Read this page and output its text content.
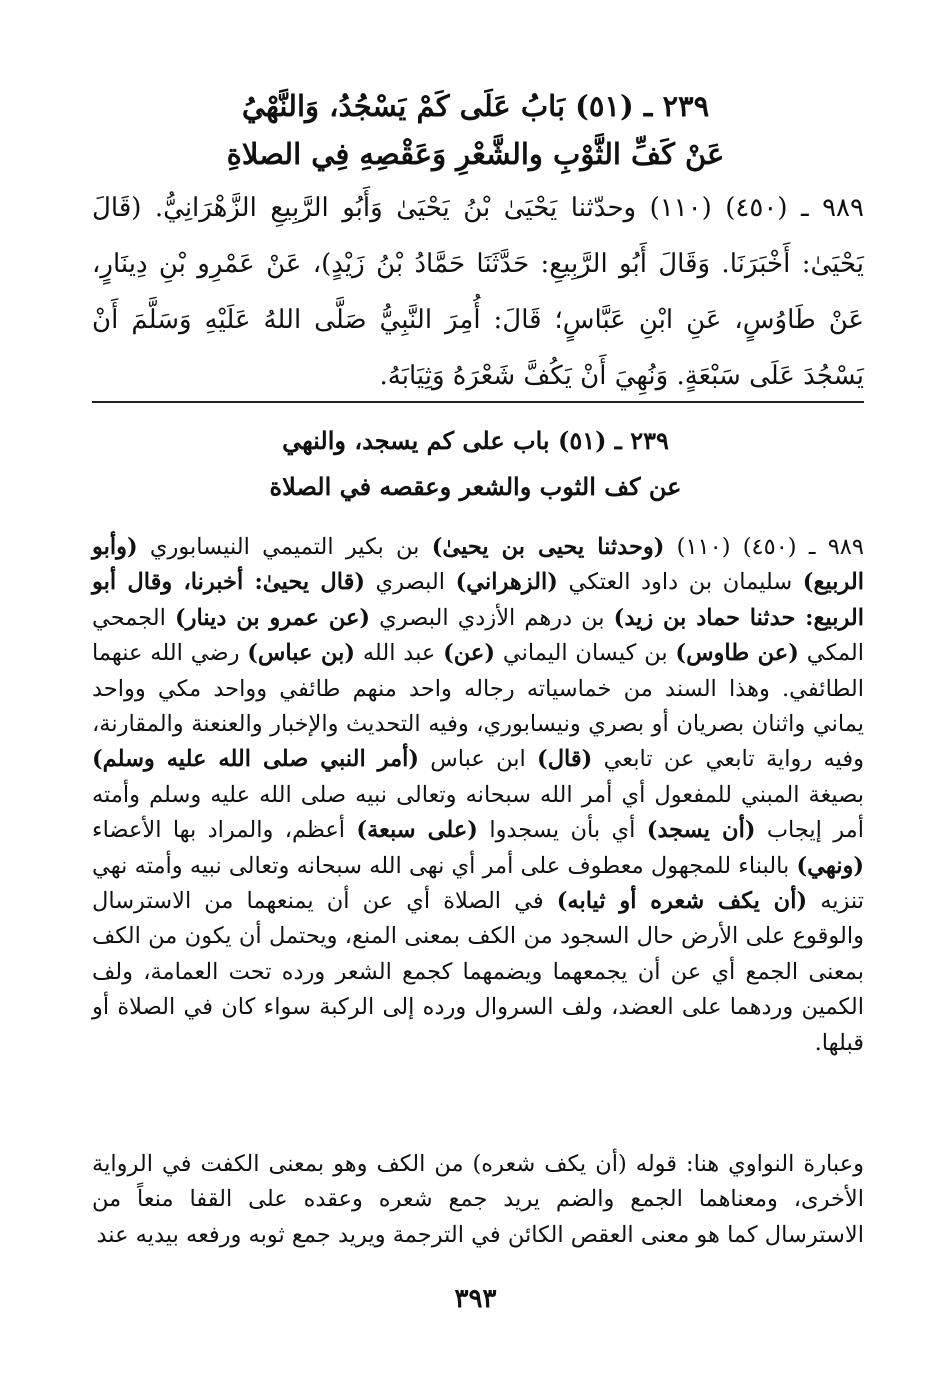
٢٣٩ ـ (٥١) بَابُ عَلَى كَمْ يَسْجُدُ، وَالنَّهْيُ
عَنْ كَفِّ الثَّوْبِ والشَّعْرِ وَعَقْصِهِ فِي الصلاةِ

٩٨٩ ـ (٤٥٠) (١١٠) وحدّثنا يَحْيَىٰ بْنُ يَحْيَىٰ وَأَبُو الرَّبِيعِ الزَّهْرَانِيُّ. (قَالَ يَحْيَىٰ: أَخْبَرَنَا. وَقَالَ أَبُو الرَّبِيعِ: حَدَّثَنَا حَمَّادُ بْنُ زَيْدٍ)، عَنْ عَمْرِو بْنِ دِينَارٍ، عَنْ طَاوُسٍ، عَنِ ابْنِ عَبَّاسٍ؛ قَالَ: أُمِرَ النَّبِيُّ صَلَّى اللهُ عَلَيْهِ وَسَلَّمَ أَنْ يَسْجُدَ عَلَى سَبْعَةٍ. وَنُهِيَ أَنْ يَكُفَّ شَعْرَهُ وَثِيَابَهُ.

٢٣٩ ـ (٥١) باب على كم يسجد، والنهي
عن كف الثوب والشعر وعقصه في الصلاة

٩٨٩ ـ (٤٥٠) (١١٠) (وحدثنا يحيى بن يحيىٰ) بن بكير التميمي النيسابوري (وأبو الربيع) سليمان بن داود العتكي (الزهراني) البصري (قال يحيىٰ: أخبرنا، وقال أبو الربيع: حدثنا حماد بن زيد) بن درهم الأزدي البصري (عن عمرو بن دينار) الجمحي المكي (عن طاوس) بن كيسان اليماني (عن) عبد الله (بن عباس) رضي الله عنهما الطائفي. وهذا السند من خماسياته رجاله واحد منهم طائفي وواحد مكي وواحد يماني واثنان بصريان أو بصري ونيسابوري، وفيه التحديث والإخبار والعنعنة والمقارنة، وفيه رواية تابعي عن تابعي (قال) ابن عباس (أمر النبي صلى الله عليه وسلم) بصيغة المبني للمفعول أي أمر الله سبحانه وتعالى نبيه صلى الله عليه وسلم وأمته أمر إيجاب (أن يسجد) أي بأن يسجدوا (على سبعة) أعظم، والمراد بها الأعضاء (ونهي) بالبناء للمجهول معطوف على أمر أي نهى الله سبحانه وتعالى نبيه وأمته نهي تنزيه (أن يكف شعره أو ثيابه) في الصلاة أي عن أن يمنعهما من الاسترسال والوقوع على الأرض حال السجود من الكف بمعنى المنع، ويحتمل أن يكون من الكف بمعنى الجمع أي عن أن يجمعهما ويضمهما كجمع الشعر ورده تحت العمامة، ولف الكمين وردهما على العضد، ولف السروال ورده إلى الركبة سواء كان في الصلاة أو قبلها.

وعبارة النواوي هنا: قوله (أن يكف شعره) من الكف وهو بمعنى الكفت في الرواية الأخرى، ومعناهما الجمع والضم يريد جمع شعره وعقده على القفا منعاً من الاسترسال كما هو معنى العقص الكائن في الترجمة ويريد جمع ثوبه ورفعه بيديه عند

٣٩٣
